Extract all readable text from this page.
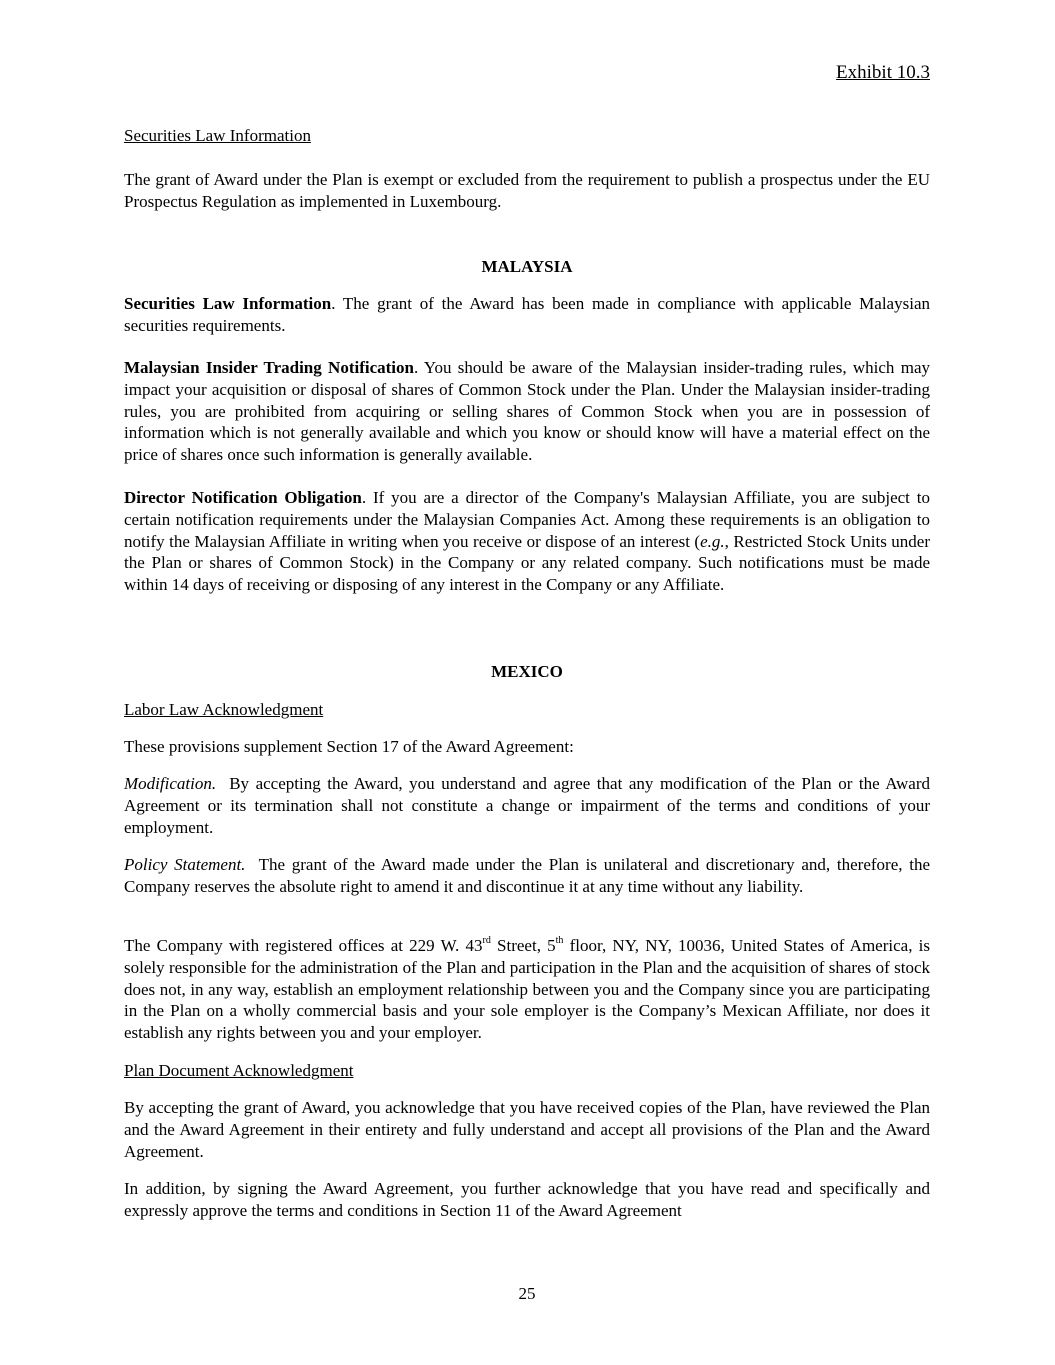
Exhibit 10.3

Securities Law Information

The grant of Award under the Plan is exempt or excluded from the requirement to publish a prospectus under the EU Prospectus Regulation as implemented in Luxembourg.

MALAYSIA

Securities Law Information. The grant of the Award has been made in compliance with applicable Malaysian securities requirements.

Malaysian Insider Trading Notification. You should be aware of the Malaysian insider-trading rules, which may impact your acquisition or disposal of shares of Common Stock under the Plan. Under the Malaysian insider-trading rules, you are prohibited from acquiring or selling shares of Common Stock when you are in possession of information which is not generally available and which you know or should know will have a material effect on the price of shares once such information is generally available.

Director Notification Obligation. If you are a director of the Company's Malaysian Affiliate, you are subject to certain notification requirements under the Malaysian Companies Act. Among these requirements is an obligation to notify the Malaysian Affiliate in writing when you receive or dispose of an interest (e.g., Restricted Stock Units under the Plan or shares of Common Stock) in the Company or any related company. Such notifications must be made within 14 days of receiving or disposing of any interest in the Company or any Affiliate.

MEXICO

Labor Law Acknowledgment

These provisions supplement Section 17 of the Award Agreement:

Modification. By accepting the Award, you understand and agree that any modification of the Plan or the Award Agreement or its termination shall not constitute a change or impairment of the terms and conditions of your employment.

Policy Statement. The grant of the Award made under the Plan is unilateral and discretionary and, therefore, the Company reserves the absolute right to amend it and discontinue it at any time without any liability.

The Company with registered offices at 229 W. 43rd Street, 5th floor, NY, NY, 10036, United States of America, is solely responsible for the administration of the Plan and participation in the Plan and the acquisition of shares of stock does not, in any way, establish an employment relationship between you and the Company since you are participating in the Plan on a wholly commercial basis and your sole employer is the Company’s Mexican Affiliate, nor does it establish any rights between you and your employer.

Plan Document Acknowledgment

By accepting the grant of Award, you acknowledge that you have received copies of the Plan, have reviewed the Plan and the Award Agreement in their entirety and fully understand and accept all provisions of the Plan and the Award Agreement.

In addition, by signing the Award Agreement, you further acknowledge that you have read and specifically and expressly approve the terms and conditions in Section 11 of the Award Agreement

25
